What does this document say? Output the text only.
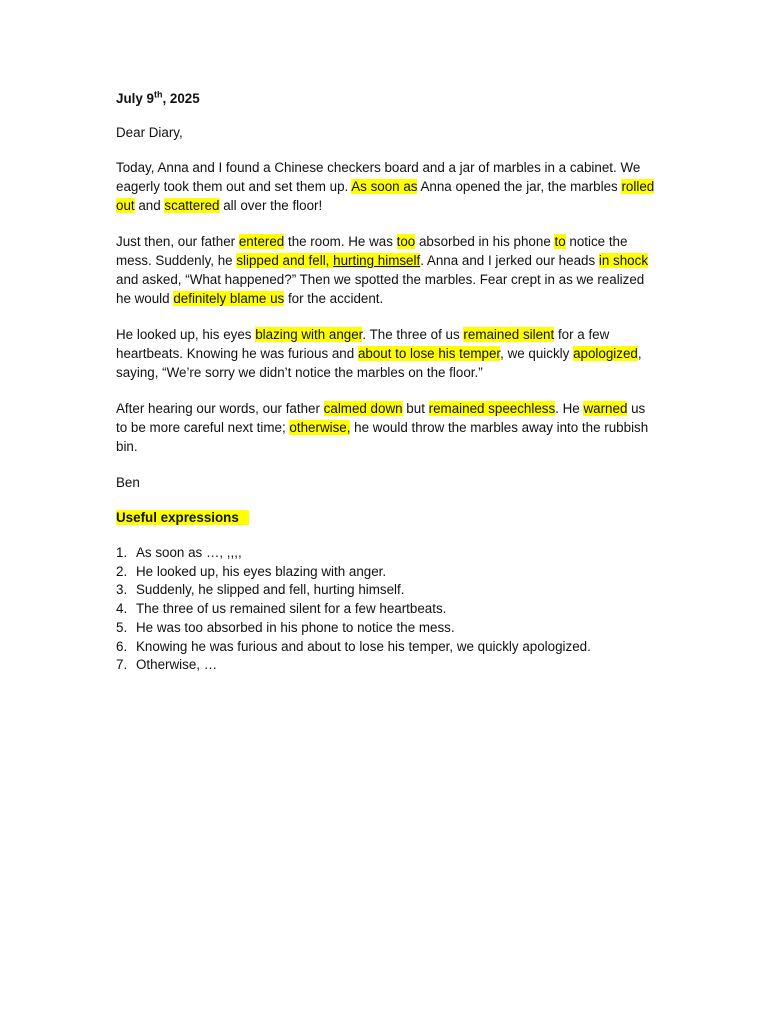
July 9th, 2025
Dear Diary,
Today, Anna and I found a Chinese checkers board and a jar of marbles in a cabinet. We eagerly took them out and set them up. As soon as Anna opened the jar, the marbles rolled out and scattered all over the floor!
Just then, our father entered the room. He was too absorbed in his phone to notice the mess. Suddenly, he slipped and fell, hurting himself. Anna and I jerked our heads in shock and asked, “What happened?” Then we spotted the marbles. Fear crept in as we realized he would definitely blame us for the accident.
He looked up, his eyes blazing with anger. The three of us remained silent for a few heartbeats. Knowing he was furious and about to lose his temper, we quickly apologized, saying, “We’re sorry we didn’t notice the marbles on the floor.”
After hearing our words, our father calmed down but remained speechless. He warned us to be more careful next time; otherwise, he would throw the marbles away into the rubbish bin.
Ben
Useful expressions
1. As soon as …, ,,,,
2. He looked up, his eyes blazing with anger.
3. Suddenly, he slipped and fell, hurting himself.
4. The three of us remained silent for a few heartbeats.
5. He was too absorbed in his phone to notice the mess.
6. Knowing he was furious and about to lose his temper, we quickly apologized.
7. Otherwise, …
